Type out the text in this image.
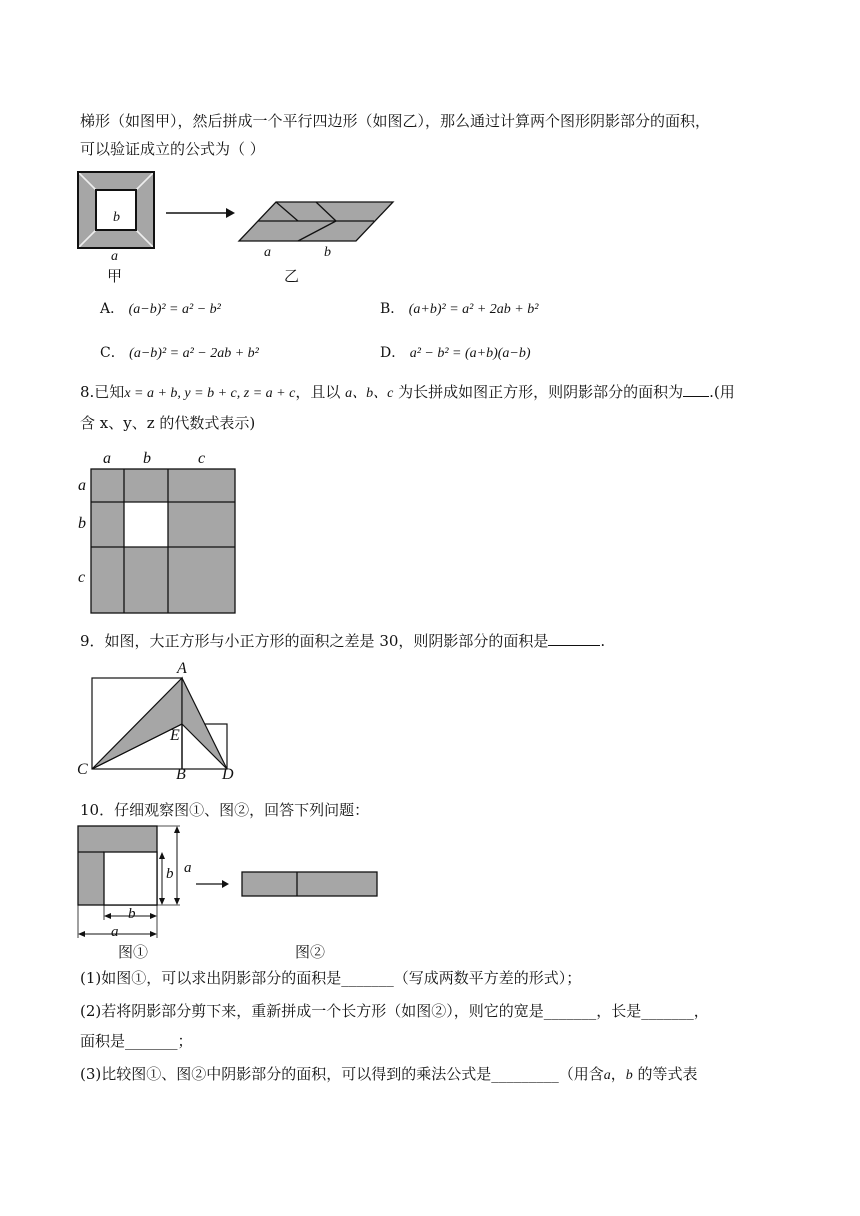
梯形（如图甲），然后拼成一个平行四边形（如图乙），那么通过计算两个图形阴影部分的面积，
可以验证成立的公式为（ ）
b
a
甲
a	b
乙
A． (a−b)² = a² − b²	B． (a+b)² = a² + 2ab + b²
C． (a−b)² = a² − 2ab + b²	D． a² − b² = (a+b)(a−b)
8.已知x = a + b, y = b + c, z = a + c，且以 a、b、c 为长拼成如图正方形，则阴影部分的面积为 .(用
含 x、y、z 的代数式表示)
a b	c
a
b
c
9．如图，大正方形与小正方形的面积之差是 30，则阴影部分的面积是	.
A
C
E
B D
10．仔细观察图①、图②，回答下列问题：
a
b
b
a
图①	图②
(1)如图①，可以求出阴影部分的面积是_______（写成两数平方差的形式）；
(2)若将阴影部分剪下来，重新拼成一个长方形（如图②），则它的宽是_______，长是_______，
面积是_______；
(3)比较图①、图②中阴影部分的面积，可以得到的乘法公式是_________（用含a，b 的等式表
